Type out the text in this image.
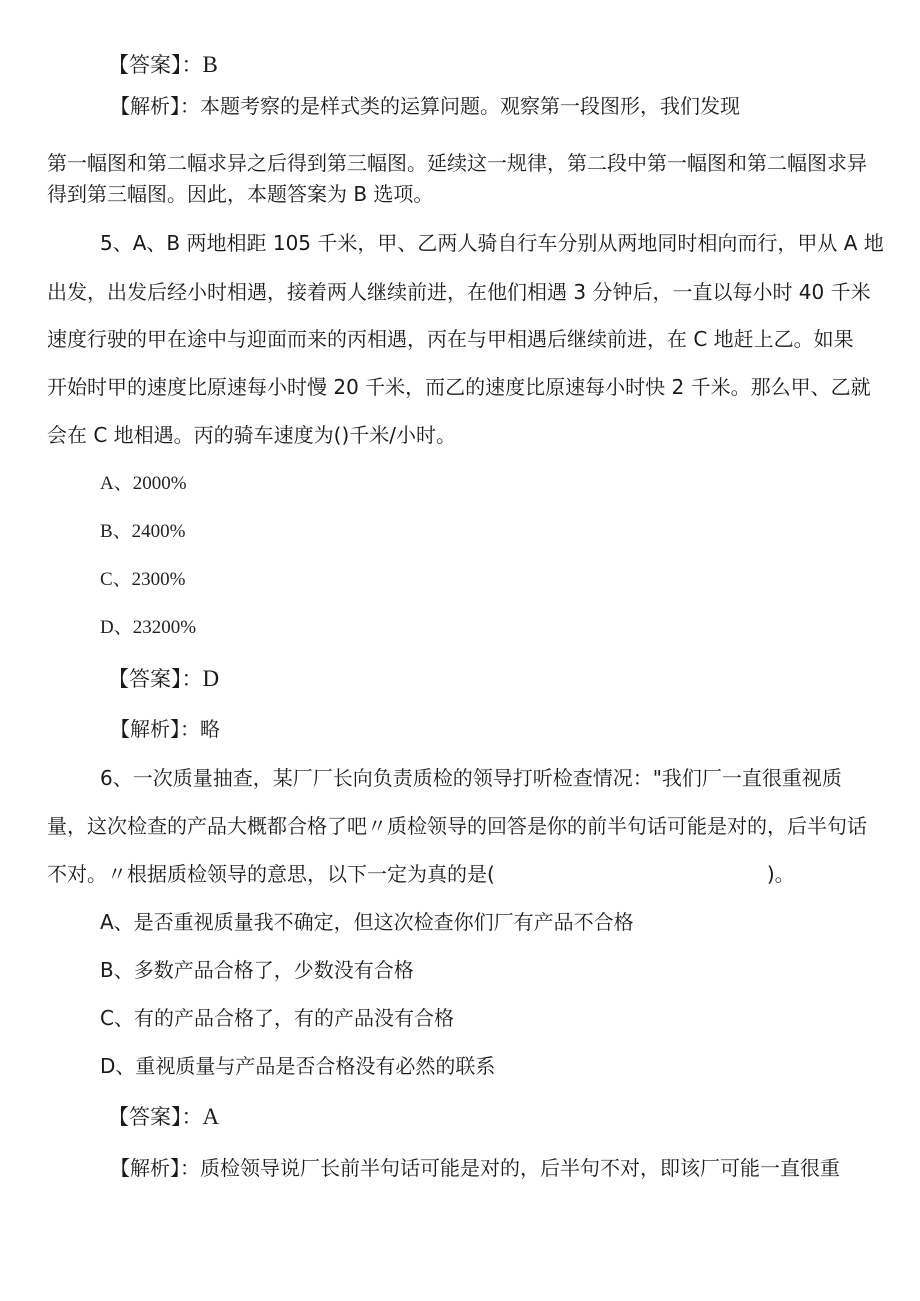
【答案】：B
【解析】：本题考察的是样式类的运算问题。观察第一段图形，我们发现
第一幅图和第二幅求异之后得到第三幅图。延续这一规律，第二段中第一幅图和第二幅图求异
得到第三幅图。因此，本题答案为 B 选项。
5、A、B 两地相距 105 千米，甲、乙两人骑自行车分别从两地同时相向而行，甲从 A 地
出发，出发后经小时相遇，接着两人继续前进，在他们相遇 3 分钟后，一直以每小时 40 千米
速度行驶的甲在途中与迎面而来的丙相遇，丙在与甲相遇后继续前进，在 C 地赶上乙。如果
开始时甲的速度比原速每小时慢 20 千米，而乙的速度比原速每小时快 2 千米。那么甲、乙就
会在 C 地相遇。丙的骑车速度为()千米/小时。
A、2000%
B、2400%
C、2300%
D、23200%
【答案】：D
【解析】：略
6、一次质量抽查，某厂厂长向负责质检的领导打听检查情况："我们厂一直很重视质
量，这次检查的产品大概都合格了吧〃质检领导的回答是你的前半句话可能是对的，后半句话
不对。〃根据质检领导的意思，以下一定为真的是(	)。
A、是否重视质量我不确定，但这次检查你们厂有产品不合格
B、多数产品合格了，少数没有合格
C、有的产品合格了，有的产品没有合格
D、重视质量与产品是否合格没有必然的联系
【答案】：A
【解析】：质检领导说厂长前半句话可能是对的，后半句不对，即该厂可能一直很重
